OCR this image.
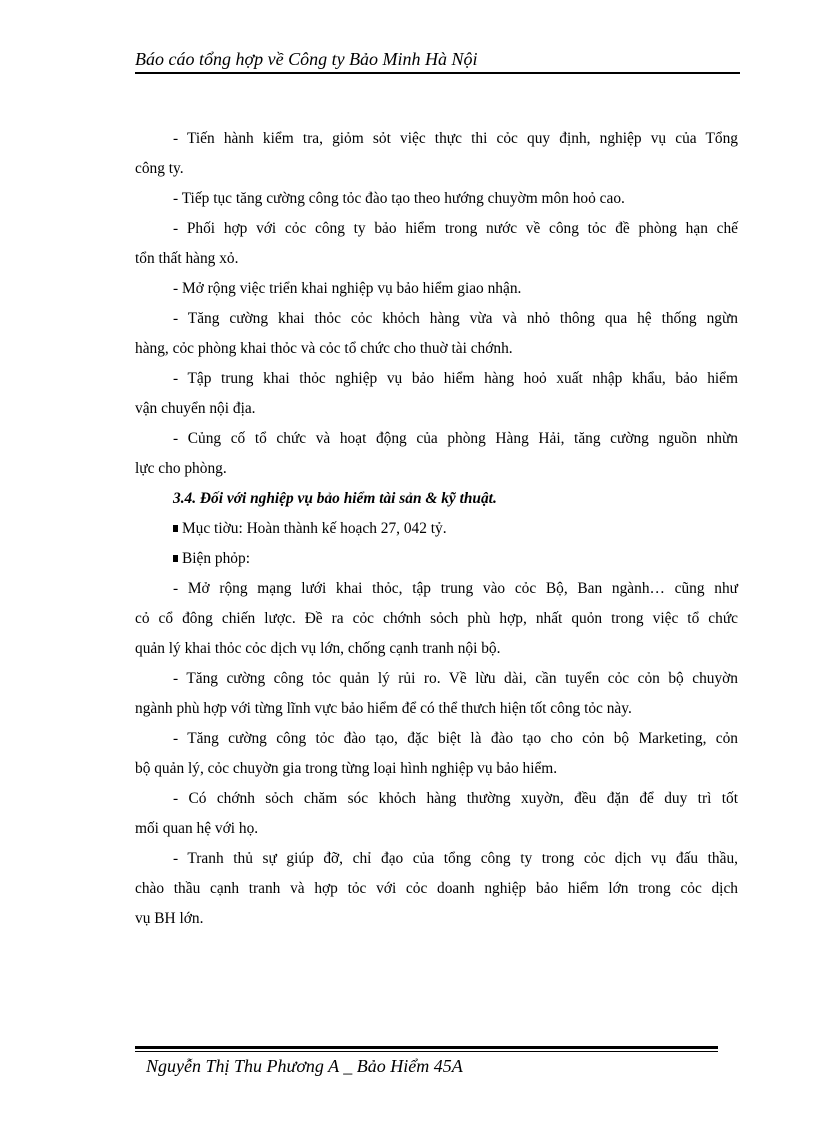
Báo cáo tổng hợp về Công ty Bảo Minh Hà Nội
- Tiến hành kiểm tra, giỏm sỏt việc thực thi cỏc quy định, nghiệp vụ của Tổng
công ty.
- Tiếp tục tăng cường công tỏc đào tạo theo hướng chuyờm môn hoỏ cao.
- Phối hợp với cỏc công ty bảo hiểm trong nước về công tỏc đề phòng hạn chế
tổn thất hàng xỏ.
- Mở rộng việc triển khai nghiệp vụ bảo hiểm giao nhận.
- Tăng cường khai thỏc cỏc khỏch hàng vừa và nhỏ thông qua hệ thống ngừn
hàng, cỏc phòng khai thỏc và cỏc tổ chức cho thuờ tài chớnh.
- Tập trung khai thỏc nghiệp vụ bảo hiểm hàng hoỏ xuất nhập khẩu, bảo hiểm
vận chuyển nội địa.
- Củng cố tổ chức và hoạt động của phòng Hàng Hải, tăng cường nguồn nhừn
lực cho phòng.
3.4. Đối với nghiệp vụ bảo hiểm tài sản & kỹ thuật.
Mục tiờu: Hoàn thành kế hoạch 27, 042 tỷ.
Biện phỏp:
- Mở rộng mạng lưới khai thỏc, tập trung vào cỏc Bộ, Ban ngành… cũng như
cỏ cổ đông chiến lược. Đề ra cỏc chớnh sỏch phù hợp, nhất quỏn trong việc tổ chức
quản lý khai thỏc cỏc dịch vụ lớn, chống cạnh tranh nội bộ.
- Tăng cường công tỏc quản lý rủi ro. Về lừu dài, cần tuyển cỏc cỏn bộ chuyờn
ngành phù hợp với từng lĩnh vực bảo hiểm để có thể thưch hiện tốt công tỏc này.
- Tăng cường công tỏc đào tạo, đặc biệt là đào tạo cho cỏn bộ Marketing, cỏn
bộ quản lý, cỏc chuyờn gia trong từng loại hình nghiệp vụ bảo hiểm.
- Có chớnh sỏch chăm sóc khỏch hàng thường xuyờn, đều đặn để duy trì tốt
mối quan hệ với họ.
- Tranh thủ sự giúp đỡ, chỉ đạo của tổng công ty trong cỏc dịch vụ đấu thầu,
chào thầu cạnh tranh và hợp tỏc với cỏc doanh nghiệp bảo hiểm lớn trong cỏc dịch
vụ BH lớn.
Nguyễn Thị Thu Phương A _ Bảo Hiểm 45A
